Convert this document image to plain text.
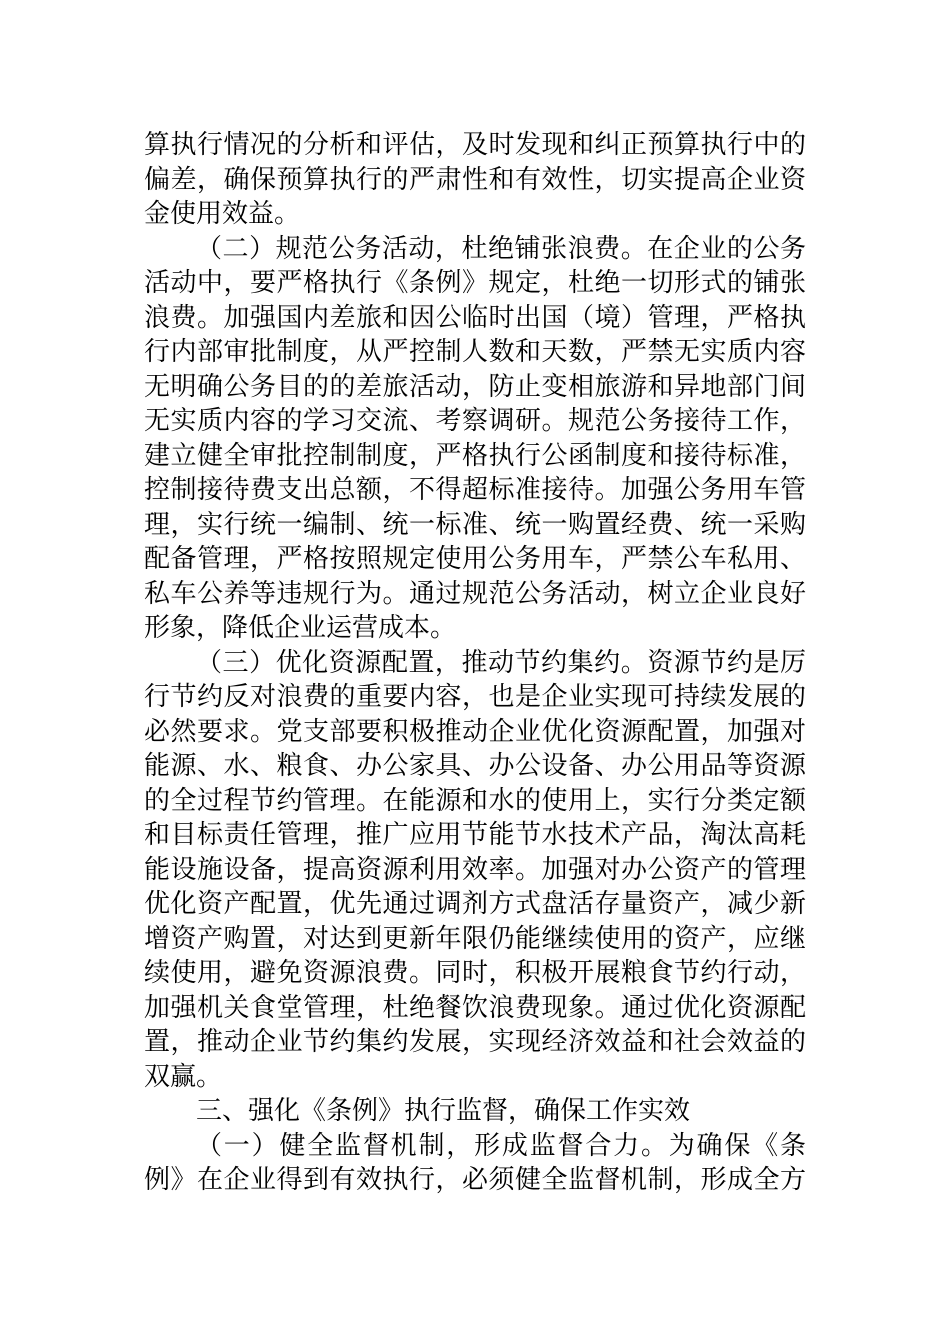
算执行情况的分析和评估，及时发现和纠正预算执行中的
偏差，确保预算执行的严肃性和有效性，切实提高企业资
金使用效益。
（二）规范公务活动，杜绝铺张浪费。在企业的公务
活动中，要严格执行《条例》规定，杜绝一切形式的铺张
浪费。加强国内差旅和因公临时出国（境）管理，严格执
行内部审批制度，从严控制人数和天数，严禁无实质内容
无明确公务目的的差旅活动，防止变相旅游和异地部门间
无实质内容的学习交流、考察调研。规范公务接待工作，
建立健全审批控制制度，严格执行公函制度和接待标准，
控制接待费支出总额，不得超标准接待。加强公务用车管
理，实行统一编制、统一标准、统一购置经费、统一采购
配备管理，严格按照规定使用公务用车，严禁公车私用、
私车公养等违规行为。通过规范公务活动，树立企业良好
形象，降低企业运营成本。
（三）优化资源配置，推动节约集约。资源节约是厉
行节约反对浪费的重要内容，也是企业实现可持续发展的
必然要求。党支部要积极推动企业优化资源配置，加强对
能源、水、粮食、办公家具、办公设备、办公用品等资源
的全过程节约管理。在能源和水的使用上，实行分类定额
和目标责任管理，推广应用节能节水技术产品，淘汰高耗
能设施设备，提高资源利用效率。加强对办公资产的管理
优化资产配置，优先通过调剂方式盘活存量资产，减少新
增资产购置，对达到更新年限仍能继续使用的资产，应继
续使用，避免资源浪费。同时，积极开展粮食节约行动，
加强机关食堂管理，杜绝餐饮浪费现象。通过优化资源配
置，推动企业节约集约发展，实现经济效益和社会效益的
双赢。
三、强化《条例》执行监督，确保工作实效
（一）健全监督机制，形成监督合力。为确保《条
例》在企业得到有效执行，必须健全监督机制，形成全方
